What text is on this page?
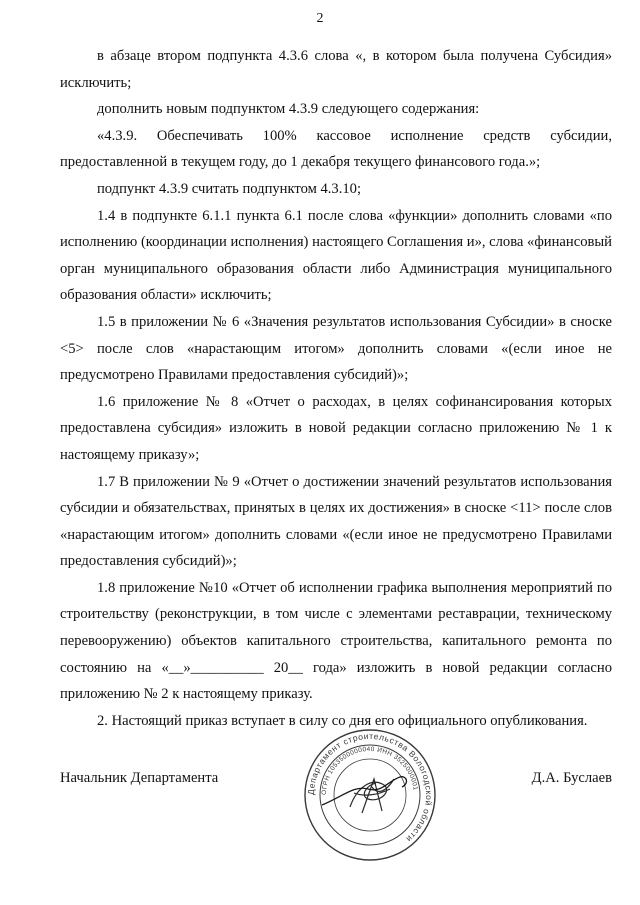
2

в абзаце втором подпункта 4.3.6 слова «, в котором была получена Субсидия» исключить;

дополнить новым подпунктом 4.3.9 следующего содержания:

«4.3.9. Обеспечивать 100% кассовое исполнение средств субсидии, предоставленной в текущем году, до 1 декабря текущего финансового года.»;

подпункт 4.3.9 считать подпунктом 4.3.10;

1.4 в подпункте 6.1.1 пункта 6.1 после слова «функции» дополнить словами «по исполнению (координации исполнения) настоящего Соглашения и», слова «финансовый орган муниципального образования области либо Администрация муниципального образования области» исключить;

1.5 в приложении № 6 «Значения результатов использования Субсидии» в сноске <5> после слов «нарастающим итогом» дополнить словами «(если иное не предусмотрено Правилами предоставления субсидий)»;

1.6 приложение № 8 «Отчет о расходах, в целях софинансирования которых предоставлена субсидия» изложить в новой редакции согласно приложению № 1 к настоящему приказу»;

1.7 В приложении № 9 «Отчет о достижении значений результатов использования субсидии и обязательствах, принятых в целях их достижения» в сноске <11> после слов «нарастающим итогом» дополнить словами «(если иное не предусмотрено Правилами предоставления субсидий)»;

1.8 приложение №10 «Отчет об исполнении графика выполнения мероприятий по строительству (реконструкции, в том числе с элементами реставрации, техническому перевооружению) объектов капитального строительства, капитального ремонта по состоянию на «__»__________ 20__ года» изложить в новой редакции согласно приложению № 2 к настоящему приказу.

2. Настоящий приказ вступает в силу со дня его официального опубликования.

Начальник Департамента	Д.А. Буслаев
Департамент строительства Вологодской области
ОГРН 1053500000040 ИНН 3525000001
